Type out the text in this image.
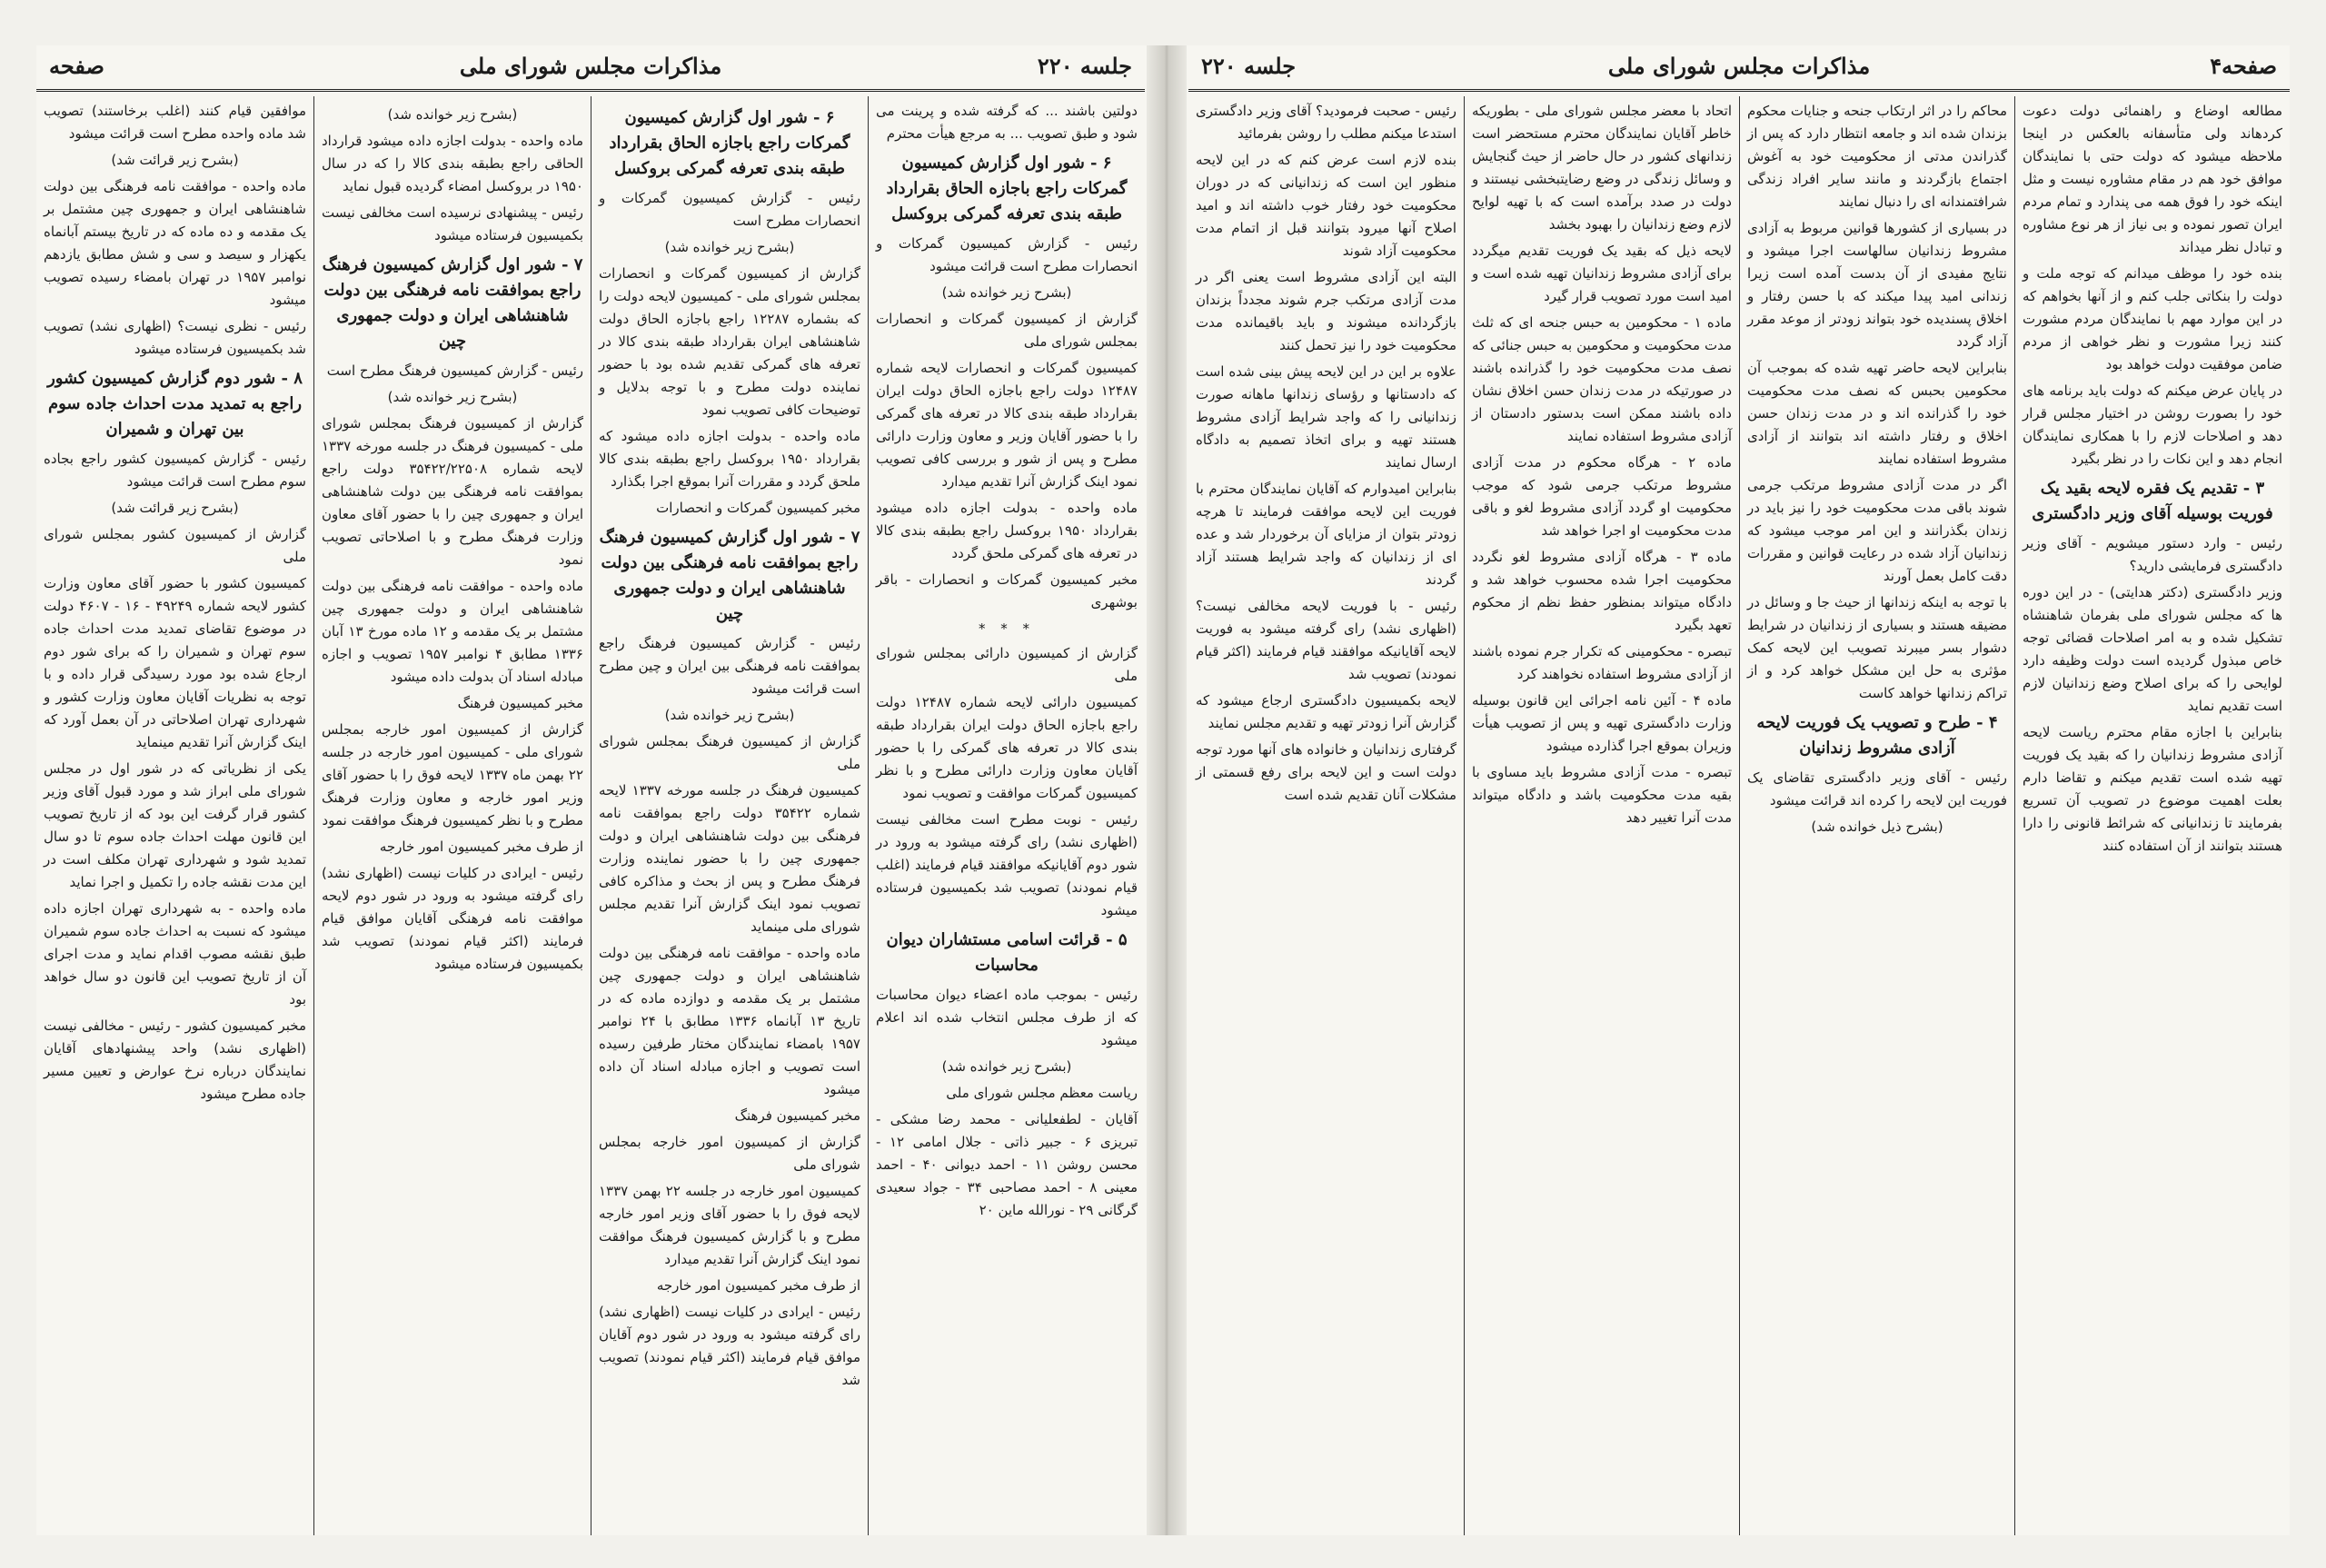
جلسه ۲۲۰
مذاکرات مجلس شورای ملی
صفحه

دولتین باشند ... که گرفته شده و پرینت می شود و طبق تصویب ... به مرجع هیأت محترم

۶ - شور اول گزارش کمیسیون گمرکات راجع باجازه الحاق بقرارداد طبقه بندی تعرفه گمرکی بروکسل

رئیس - گزارش کمیسیون گمرکات و انحصارات مطرح است قرائت میشود

(بشرح زیر خوانده شد)

گزارش از کمیسیون گمرکات و انحصارات بمجلس شورای ملی

کمیسیون گمرکات و انحصارات لایحه شماره ۱۲۴۸۷ دولت راجع باجازه الحاق دولت ایران بقرارداد طبقه بندی کالا در تعرفه های گمرکی را با حضور آقایان وزیر و معاون وزارت دارائی مطرح و پس از شور و بررسی کافی تصویب نمود اینک گزارش آنرا تقدیم میدارد

ماده واحده - بدولت اجازه داده میشود بقرارداد ۱۹۵۰ بروکسل راجع بطبقه بندی کالا در تعرفه های گمرکی ملحق گردد

مخبر کمیسیون گمرکات و انحصارات - باقر بوشهری

* * *

گزارش از کمیسیون دارائی بمجلس شورای ملی

کمیسیون دارائی لایحه شماره ۱۲۴۸۷ دولت راجع باجازه الحاق دولت ایران بقرارداد طبقه بندی کالا در تعرفه های گمرکی را با حضور آقایان معاون وزارت دارائی مطرح و با نظر کمیسیون گمرکات موافقت و تصویب نمود

رئیس - نوبت مطرح است مخالفی نیست (اظهاری نشد) رای گرفته میشود به ورود در شور دوم آقایانیکه موافقند قیام فرمایند (اغلب قیام نمودند) تصویب شد بکمیسیون فرستاده میشود

۵ - قرائت اسامی مستشاران دیوان محاسبات

رئیس - بموجب ماده اعضاء دیوان محاسبات که از طرف مجلس انتخاب شده اند اعلام میشود

(بشرح زیر خوانده شد)

ریاست معظم مجلس شورای ملی

آقایان - لطفعلیانی - محمد رضا مشکی - تبریزی ۶ - جبیر ذاتی - جلال امامی ۱۲ - محسن روشن ۱۱ - احمد دیوانی ۴۰ - احمد معینی ۸ - احمد مصاحبی ۳۴ - جواد سعیدی گرگانی ۲۹ - نورالله ماین ۲۰

۶ - شور اول گزارش کمیسیون گمرکات راجع باجازه الحاق بقرارداد طبقه بندی تعرفه گمرکی بروکسل

رئیس - گزارش کمیسیون گمرکات و انحصارات مطرح است

(بشرح زیر خوانده شد)

گزارش از کمیسیون گمرکات و انحصارات بمجلس شورای ملی - کمیسیون لایحه دولت را که بشماره ۱۲۲۸۷ راجع باجازه الحاق دولت شاهنشاهی ایران بقرارداد طبقه بندی کالا در تعرفه های گمرکی تقدیم شده بود با حضور نماینده دولت مطرح و با توجه بدلایل و توضیحات کافی تصویب نمود

ماده واحده - بدولت اجازه داده میشود که بقرارداد ۱۹۵۰ بروکسل راجع بطبقه بندی کالا ملحق گردد و مقررات آنرا بموقع اجرا بگذارد

مخبر کمیسیون گمرکات و انحصارات

۷ - شور اول گزارش کمیسیون فرهنگ راجع بموافقت نامه فرهنگی بین دولت شاهنشاهی ایران و دولت جمهوری چین

رئیس - گزارش کمیسیون فرهنگ راجع بموافقت نامه فرهنگی بین ایران و چین مطرح است قرائت میشود

(بشرح زیر خوانده شد)

گزارش از کمیسیون فرهنگ بمجلس شورای ملی

کمیسیون فرهنگ در جلسه مورخه ۱۳۳۷ لایحه شماره ۳۵۴۲۲ دولت راجع بموافقت نامه فرهنگی بین دولت شاهنشاهی ایران و دولت جمهوری چین را با حضور نماینده وزارت فرهنگ مطرح و پس از بحث و مذاکره کافی تصویب نمود اینک گزارش آنرا تقدیم مجلس شورای ملی مینماید

ماده واحده - موافقت نامه فرهنگی بین دولت شاهنشاهی ایران و دولت جمهوری چین مشتمل بر یک مقدمه و دوازده ماده که در تاریخ ۱۳ آبانماه ۱۳۳۶ مطابق با ۲۴ نوامبر ۱۹۵۷ بامضاء نمایندگان مختار طرفین رسیده است تصویب و اجازه مبادله اسناد آن داده میشود

مخبر کمیسیون فرهنگ

گزارش از کمیسیون امور خارجه بمجلس شورای ملی

کمیسیون امور خارجه در جلسه ۲۲ بهمن ۱۳۳۷ لایحه فوق را با حضور آقای وزیر امور خارجه مطرح و با گزارش کمیسیون فرهنگ موافقت نمود اینک گزارش آنرا تقدیم میدارد

از طرف مخبر کمیسیون امور خارجه

رئیس - ایرادی در کلیات نیست (اظهاری نشد) رای گرفته میشود به ورود در شور دوم آقایان موافق قیام فرمایند (اکثر قیام نمودند) تصویب شد

(بشرح زیر خوانده شد)

ماده واحده - بدولت اجازه داده میشود قرارداد الحاقی راجع بطبقه بندی کالا را که در سال ۱۹۵۰ در بروکسل امضاء گردیده قبول نماید

رئیس - پیشنهادی نرسیده است مخالفی نیست بکمیسیون فرستاده میشود

۷ - شور اول گزارش کمیسیون فرهنگ راجع بموافقت نامه فرهنگی بین دولت شاهنشاهی ایران و دولت جمهوری چین

رئیس - گزارش کمیسیون فرهنگ مطرح است

(بشرح زیر خوانده شد)

گزارش از کمیسیون فرهنگ بمجلس شورای ملی - کمیسیون فرهنگ در جلسه مورخه ۱۳۳۷ لایحه شماره ۳۵۴۲۲/۲۲۵۰۸ دولت راجع بموافقت نامه فرهنگی بین دولت شاهنشاهی ایران و جمهوری چین را با حضور آقای معاون وزارت فرهنگ مطرح و با اصلاحاتی تصویب نمود

ماده واحده - موافقت نامه فرهنگی بین دولت شاهنشاهی ایران و دولت جمهوری چین مشتمل بر یک مقدمه و ۱۲ ماده مورخ ۱۳ آبان ۱۳۳۶ مطابق ۴ نوامبر ۱۹۵۷ تصویب و اجازه مبادله اسناد آن بدولت داده میشود

مخبر کمیسیون فرهنگ

گزارش از کمیسیون امور خارجه بمجلس شورای ملی - کمیسیون امور خارجه در جلسه ۲۲ بهمن ماه ۱۳۳۷ لایحه فوق را با حضور آقای وزیر امور خارجه و معاون وزارت فرهنگ مطرح و با نظر کمیسیون فرهنگ موافقت نمود

از طرف مخبر کمیسیون امور خارجه

رئیس - ایرادی در کلیات نیست (اظهاری نشد) رای گرفته میشود به ورود در شور دوم لایحه موافقت نامه فرهنگی آقایان موافق قیام فرمایند (اکثر قیام نمودند) تصویب شد بکمیسیون فرستاده میشود

موافقین قیام کنند (اغلب برخاستند) تصویب شد ماده واحده مطرح است قرائت میشود

(بشرح زیر قرائت شد)

ماده واحده - موافقت نامه فرهنگی بین دولت شاهنشاهی ایران و جمهوری چین مشتمل بر یک مقدمه و ده ماده که در تاریخ بیستم آبانماه یکهزار و سیصد و سی و شش مطابق یازدهم نوامبر ۱۹۵۷ در تهران بامضاء رسیده تصویب میشود

رئیس - نظری نیست؟ (اظهاری نشد) تصویب شد بکمیسیون فرستاده میشود

۸ - شور دوم گزارش کمیسیون کشور راجع به تمدید مدت احداث جاده سوم بین تهران و شمیران

رئیس - گزارش کمیسیون کشور راجع بجاده سوم مطرح است قرائت میشود

(بشرح زیر قرائت شد)

گزارش از کمیسیون کشور بمجلس شورای ملی

کمیسیون کشور با حضور آقای معاون وزارت کشور لایحه شماره ۴۹۲۴۹ - ۱۶ - ۴۶۰۷ دولت در موضوع تقاضای تمدید مدت احداث جاده سوم تهران و شمیران را که برای شور دوم ارجاع شده بود مورد رسیدگی قرار داده و با توجه به نظریات آقایان معاون وزارت کشور و شهرداری تهران اصلاحاتی در آن بعمل آورد که اینک گزارش آنرا تقدیم مینماید

یکی از نظریاتی که در شور اول در مجلس شورای ملی ابراز شد و مورد قبول آقای وزیر کشور قرار گرفت این بود که از تاریخ تصویب این قانون مهلت احداث جاده سوم تا دو سال تمدید شود و شهرداری تهران مکلف است در این مدت نقشه جاده را تکمیل و اجرا نماید

ماده واحده - به شهرداری تهران اجازه داده میشود که نسبت به احداث جاده سوم شمیران طبق نقشه مصوب اقدام نماید و مدت اجرای آن از تاریخ تصویب این قانون دو سال خواهد بود

مخبر کمیسیون کشور - رئیس - مخالفی نیست (اظهاری نشد) واحد پیشنهادهای آقایان نمایندگان درباره نرخ عوارض و تعیین مسیر جاده مطرح میشود

صفحه۴
مذاکرات مجلس شورای ملی
جلسه ۲۲۰

مطالعه اوضاع و راهنمائی دولت دعوت کردهاند ولی متأسفانه بالعکس در اینجا ملاحظه میشود که دولت حتی با نمایندگان موافق خود هم در مقام مشاوره نیست و مثل اینکه خود را فوق همه می پندارد و تمام مردم ایران تصور نموده و بی نیاز از هر نوع مشاوره و تبادل نظر میداند

بنده خود را موظف میدانم که توجه ملت و دولت را بنکاتی جلب کنم و از آنها بخواهم که در این موارد مهم با نمایندگان مردم مشورت کنند زیرا مشورت و نظر خواهی از مردم ضامن موفقیت دولت خواهد بود

در پایان عرض میکنم که دولت باید برنامه های خود را بصورت روشن در اختیار مجلس قرار دهد و اصلاحات لازم را با همکاری نمایندگان انجام دهد و این نکات را در نظر بگیرد

۳ - تقدیم یک فقره لایحه بقید یک فوریت بوسیله آقای وزیر دادگستری

رئیس - وارد دستور میشویم - آقای وزیر دادگستری فرمایشی دارید؟

وزیر دادگستری (دکتر هدایتی) - در این دوره ها که مجلس شورای ملی بفرمان شاهنشاه تشکیل شده و به امر اصلاحات قضائی توجه خاص مبذول گردیده است دولت وظیفه دارد لوایحی را که برای اصلاح وضع زندانیان لازم است تقدیم نماید

بنابراین با اجازه مقام محترم ریاست لایحه آزادی مشروط زندانیان را که بقید یک فوریت تهیه شده است تقدیم میکنم و تقاضا دارم بعلت اهمیت موضوع در تصویب آن تسریع بفرمایند تا زندانیانی که شرائط قانونی را دارا هستند بتوانند از آن استفاده کنند

محاکم را در اثر ارتکاب جنحه و جنایات محکوم بزندان شده اند و جامعه انتظار دارد که پس از گذراندن مدتی از محکومیت خود به آغوش اجتماع بازگردند و مانند سایر افراد زندگی شرافتمندانه ای را دنبال نمایند

در بسیاری از کشورها قوانین مربوط به آزادی مشروط زندانیان سالهاست اجرا میشود و نتایج مفیدی از آن بدست آمده است زیرا زندانی امید پیدا میکند که با حسن رفتار و اخلاق پسندیده خود بتواند زودتر از موعد مقرر آزاد گردد

بنابراین لایحه حاضر تهیه شده که بموجب آن محکومین بحبس که نصف مدت محکومیت خود را گذرانده اند و در مدت زندان حسن اخلاق و رفتار داشته اند بتوانند از آزادی مشروط استفاده نمایند

اگر در مدت آزادی مشروط مرتکب جرمی شوند باقی مدت محکومیت خود را نیز باید در زندان بگذرانند و این امر موجب میشود که زندانیان آزاد شده در رعایت قوانین و مقررات دقت کامل بعمل آورند

با توجه به اینکه زندانها از حیث جا و وسائل در مضیقه هستند و بسیاری از زندانیان در شرایط دشوار بسر میبرند تصویب این لایحه کمک مؤثری به حل این مشکل خواهد کرد و از تراکم زندانها خواهد کاست

۴ - طرح و تصویب یک فوریت لایحه آزادی مشروط زندانیان

رئیس - آقای وزیر دادگستری تقاضای یک فوریت این لایحه را کرده اند قرائت میشود

(بشرح ذیل خوانده شد)

اتحاد با معضر مجلس شورای ملی - بطوریکه خاطر آقایان نمایندگان محترم مستحضر است زندانهای کشور در حال حاضر از حیث گنجایش و وسائل زندگی در وضع رضایتبخشی نیستند و دولت در صدد برآمده است که با تهیه لوایح لازم وضع زندانیان را بهبود بخشد

لایحه ذیل که بقید یک فوریت تقدیم میگردد برای آزادی مشروط زندانیان تهیه شده است و امید است مورد تصویب قرار گیرد

ماده ۱ - محکومین به حبس جنحه ای که ثلث مدت محکومیت و محکومین به حبس جنائی که نصف مدت محکومیت خود را گذرانده باشند در صورتیکه در مدت زندان حسن اخلاق نشان داده باشند ممکن است بدستور دادستان از آزادی مشروط استفاده نمایند

ماده ۲ - هرگاه محکوم در مدت آزادی مشروط مرتکب جرمی شود که موجب محکومیت او گردد آزادی مشروط لغو و باقی مدت محکومیت او اجرا خواهد شد

ماده ۳ - هرگاه آزادی مشروط لغو نگردد محکومیت اجرا شده محسوب خواهد شد و دادگاه میتواند بمنظور حفظ نظم از محکوم تعهد بگیرد

تبصره - محکومینی که تکرار جرم نموده باشند از آزادی مشروط استفاده نخواهند کرد

ماده ۴ - آئین نامه اجرائی این قانون بوسیله وزارت دادگستری تهیه و پس از تصویب هیأت وزیران بموقع اجرا گذارده میشود

تبصره - مدت آزادی مشروط باید مساوی با بقیه مدت محکومیت باشد و دادگاه میتواند مدت آنرا تغییر دهد

رئیس - صحبت فرمودید؟ آقای وزیر دادگستری استدعا میکنم مطلب را روشن بفرمائید

بنده لازم است عرض کنم که در این لایحه منظور این است که زندانیانی که در دوران محکومیت خود رفتار خوب داشته اند و امید اصلاح آنها میرود بتوانند قبل از اتمام مدت محکومیت آزاد شوند

البته این آزادی مشروط است یعنی اگر در مدت آزادی مرتکب جرم شوند مجدداً بزندان بازگردانده میشوند و باید باقیمانده مدت محکومیت خود را نیز تحمل کنند

علاوه بر این در این لایحه پیش بینی شده است که دادستانها و رؤسای زندانها ماهانه صورت زندانیانی را که واجد شرایط آزادی مشروط هستند تهیه و برای اتخاذ تصمیم به دادگاه ارسال نمایند

بنابراین امیدوارم که آقایان نمایندگان محترم با فوریت این لایحه موافقت فرمایند تا هرچه زودتر بتوان از مزایای آن برخوردار شد و عده ای از زندانیان که واجد شرایط هستند آزاد گردند

رئیس - با فوریت لایحه مخالفی نیست؟ (اظهاری نشد) رای گرفته میشود به فوریت لایحه آقایانیکه موافقند قیام فرمایند (اکثر قیام نمودند) تصویب شد

لایحه بکمیسیون دادگستری ارجاع میشود که گزارش آنرا زودتر تهیه و تقدیم مجلس نمایند

گرفتاری زندانیان و خانواده های آنها مورد توجه دولت است و این لایحه برای رفع قسمتی از مشکلات آنان تقدیم شده است
